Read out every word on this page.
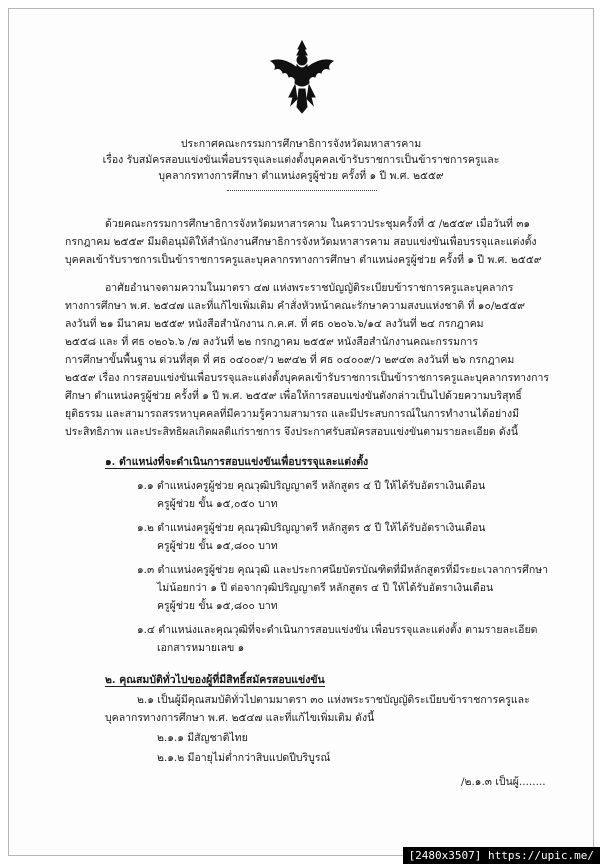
ประกาศคณะกรรมการศึกษาธิการจังหวัดมหาสารคาม
เรื่อง รับสมัครสอบแข่งขันเพื่อบรรจุและแต่งตั้งบุคคลเข้ารับราชการเป็นข้าราชการครูและ
บุคลากรทางการศึกษา ตำแหน่งครูผู้ช่วย ครั้งที่ ๑ ปี พ.ศ. ๒๕๕๙
ด้วยคณะกรรมการศึกษาธิการจังหวัดมหาสารคาม ในคราวประชุมครั้งที่ ๕ /๒๕๕๙ เมื่อวันที่ ๓๑
กรกฎาคม ๒๕๕๙ มีมติอนุมัติให้สำนักงานศึกษาธิการจังหวัดมหาสารคาม สอบแข่งขันเพื่อบรรจุและแต่งตั้ง
บุคคลเข้ารับราชการเป็นข้าราชการครูและบุคลากรทางการศึกษา ตำแหน่งครูผู้ช่วย ครั้งที่ ๑ ปี พ.ศ. ๒๕๕๙
อาศัยอำนาจตามความในมาตรา ๔๗ แห่งพระราชบัญญัติระเบียบข้าราชการครูและบุคลากร
ทางการศึกษา พ.ศ. ๒๕๔๗ และที่แก้ไขเพิ่มเติม คำสั่งหัวหน้าคณะรักษาความสงบแห่งชาติ ที่ ๑๐/๒๕๕๙
ลงวันที่ ๒๑ มีนาคม ๒๕๕๙ หนังสือสำนักงาน ก.ค.ศ. ที่ ศธ ๐๒๐๖.๖/๑๔ ลงวันที่ ๒๔ กรกฎาคม
๒๕๕๘ และ ที่ ศธ ๐๒๐๖.๖ /๗ ลงวันที่ ๒๒ กรกฎาคม ๒๕๕๙ หนังสือสำนักงานคณะกรรมการ
การศึกษาขั้นพื้นฐาน ด่วนที่สุด ที่ ศธ ๐๔๐๐๙/ว ๒๙๔๒ ที่ ศธ ๐๔๐๐๙/ว ๒๙๔๓ ลงวันที่ ๒๖ กรกฎาคม
๒๕๕๙ เรื่อง การสอบแข่งขันเพื่อบรรจุและแต่งตั้งบุคคลเข้ารับราชการเป็นข้าราชการครูและบุคลากรทางการ
ศึกษา ตำแหน่งครูผู้ช่วย ครั้งที่ ๑ ปี พ.ศ. ๒๕๕๙ เพื่อให้การสอบแข่งขันดังกล่าวเป็นไปด้วยความบริสุทธิ์
ยุติธรรม และสามารถสรรหาบุคคลที่มีความรู้ความสามารถ และมีประสบการณ์ในการทำงานได้อย่างมี
ประสิทธิภาพ และประสิทธิผลเกิดผลดีแก่ราชการ จึงประกาศรับสมัครสอบแข่งขันตามรายละเอียด ดังนี้
๑. ตำแหน่งที่จะดำเนินการสอบแข่งขันเพื่อบรรจุและแต่งตั้ง
๑.๑ ตำแหน่งครูผู้ช่วย คุณวุฒิปริญญาตรี หลักสูตร ๔ ปี ให้ได้รับอัตราเงินเดือน
ครูผู้ช่วย ขั้น ๑๕,๐๕๐ บาท
๑.๒ ตำแหน่งครูผู้ช่วย คุณวุฒิปริญญาตรี หลักสูตร ๕ ปี ให้ได้รับอัตราเงินเดือน
ครูผู้ช่วย ขั้น ๑๕,๘๐๐ บาท
๑.๓ ตำแหน่งครูผู้ช่วย คุณวุฒิ และประกาศนียบัตรบัณฑิตที่มีหลักสูตรที่มีระยะเวลาการศึกษา
ไม่น้อยกว่า ๑ ปี ต่อจากวุฒิปริญญาตรี หลักสูตร ๔ ปี ให้ได้รับอัตราเงินเดือน
ครูผู้ช่วย ขั้น ๑๕,๘๐๐ บาท
๑.๔ ตำแหน่งและคุณวุฒิที่จะดำเนินการสอบแข่งขัน เพื่อบรรจุและแต่งตั้ง ตามรายละเอียด
เอกสารหมายเลข ๑
๒. คุณสมบัติทั่วไปของผู้ที่มีสิทธิ์สมัครสอบแข่งขัน
๒.๑ เป็นผู้มีคุณสมบัติทั่วไปตามมาตรา ๓๐ แห่งพระราชบัญญัติระเบียบข้าราชการครูและ
บุคลากรทางการศึกษา พ.ศ. ๒๕๔๗ และที่แก้ไขเพิ่มเติม ดังนี้
๒.๑.๑ มีสัญชาติไทย
๒.๑.๒ มีอายุไม่ต่ำกว่าสิบแปดปีบริบูรณ์
/๒.๑.๓ เป็นผู้........
[2480x3507] https://upic.me/
